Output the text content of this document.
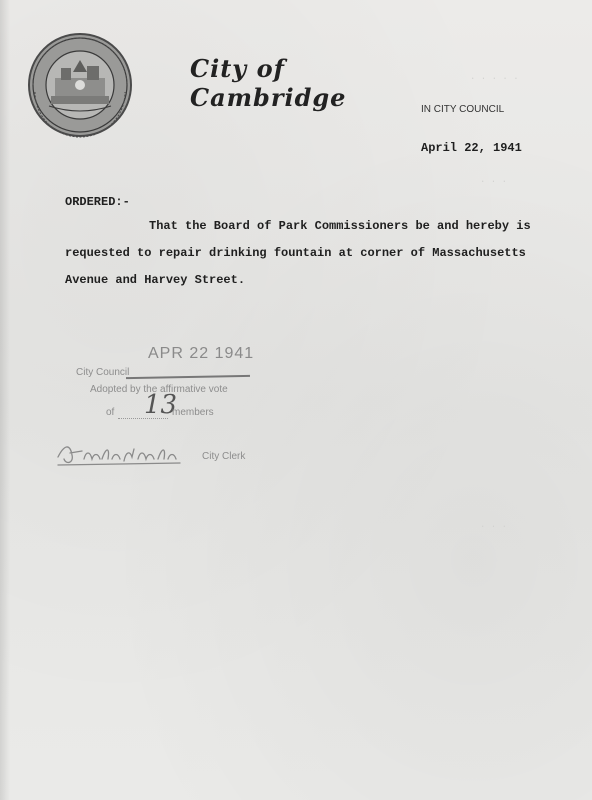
City of Cambridge	IN CITY COUNCIL
April 22, 1941
ORDERED:-
That the Board of Park Commissioners be and hereby is
requested to repair drinking fountain at corner of Massachusetts
Avenue and Harvey Street.
. . . . .
. . .
. . .
APR 22 1941
City Council
Adopted by the affirmative vote
of 13
members
City Clerk
